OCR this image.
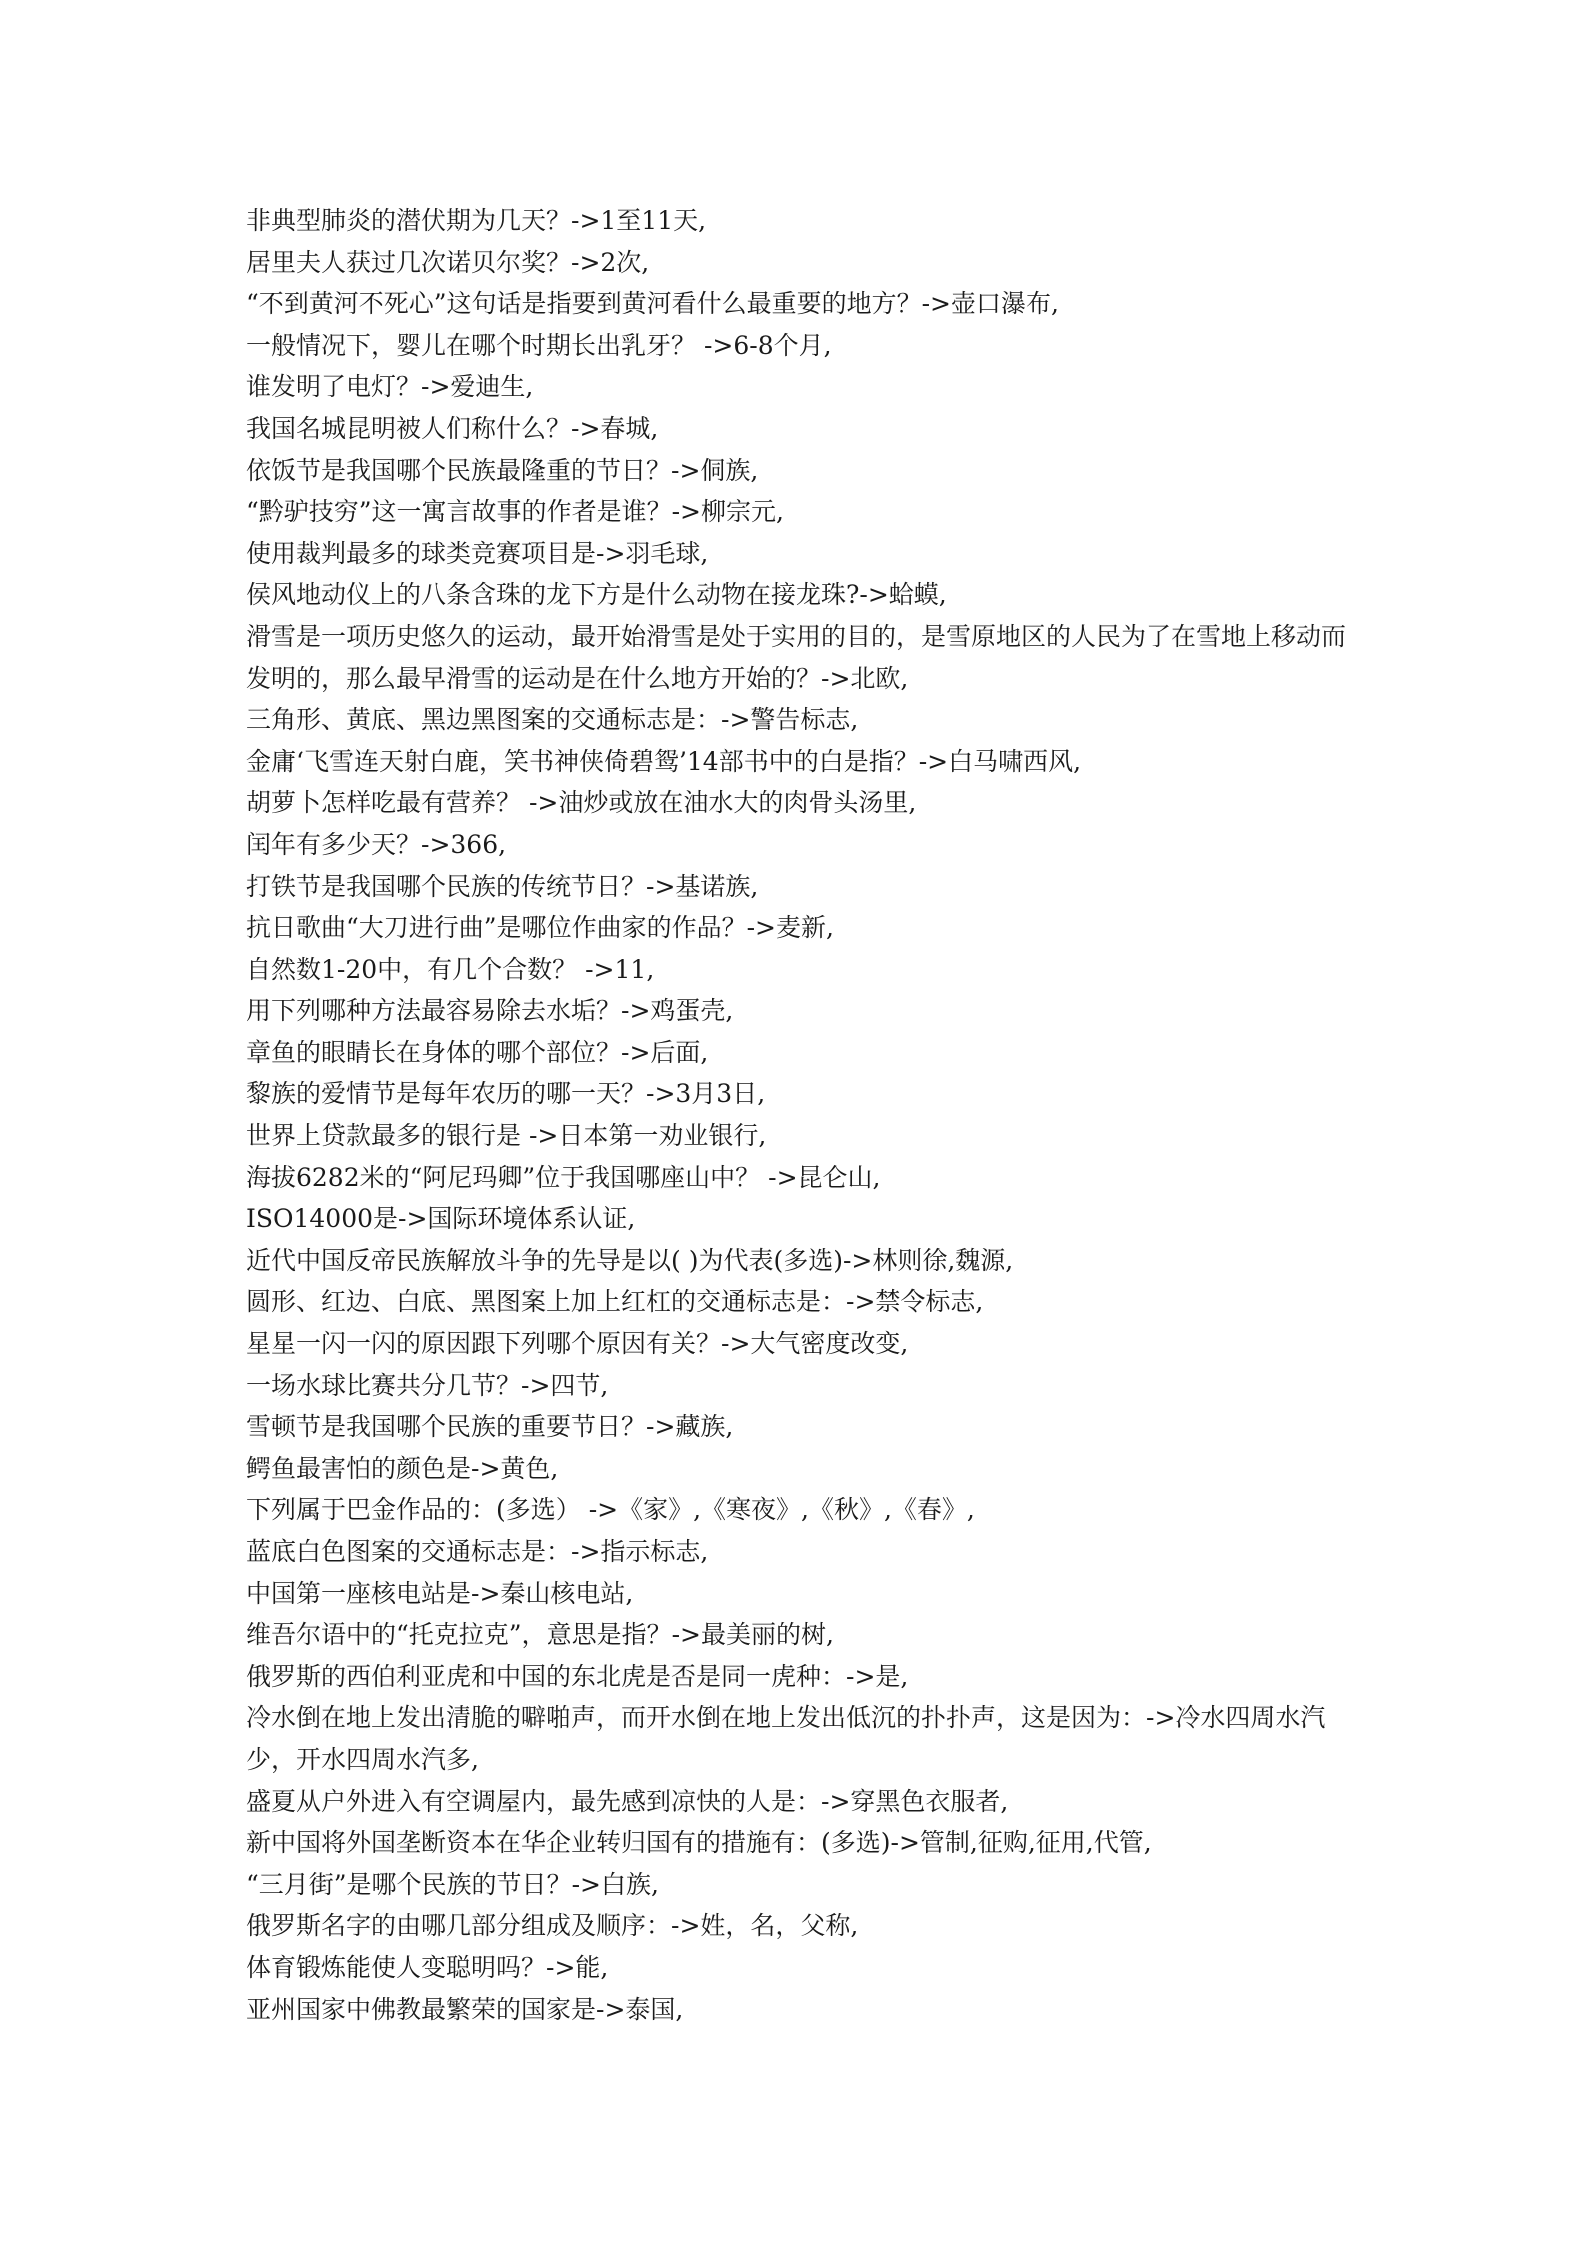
非典型肺炎的潜伏期为几天？->1至11天,
居里夫人获过几次诺贝尔奖？->2次,
“不到黄河不死心”这句话是指要到黄河看什么最重要的地方？->壶口瀑布,
一般情况下，婴儿在哪个时期长出乳牙？ ->6-8个月,
谁发明了电灯？->爱迪生,
我国名城昆明被人们称什么？->春城,
依饭节是我国哪个民族最隆重的节日？->侗族,
“黔驴技穷”这一寓言故事的作者是谁？->柳宗元,
使用裁判最多的球类竞赛项目是->羽毛球,
侯风地动仪上的八条含珠的龙下方是什么动物在接龙珠?->蛤蟆,
滑雪是一项历史悠久的运动，最开始滑雪是处于实用的目的，是雪原地区的人民为了在雪地上移动而发明的，那么最早滑雪的运动是在什么地方开始的？->北欧,
三角形、黄底、黑边黑图案的交通标志是：->警告标志,
金庸‘飞雪连天射白鹿，笑书神侠倚碧鸳’14部书中的白是指？->白马啸西风,
胡萝卜怎样吃最有营养？ ->油炒或放在油水大的肉骨头汤里,
闰年有多少天？->366,
打铁节是我国哪个民族的传统节日？->基诺族,
抗日歌曲“大刀进行曲”是哪位作曲家的作品？->麦新,
自然数1-20中，有几个合数？ ->11,
用下列哪种方法最容易除去水垢？->鸡蛋壳,
章鱼的眼睛长在身体的哪个部位？->后面,
黎族的爱情节是每年农历的哪一天？->3月3日,
世界上贷款最多的银行是 ->日本第一劝业银行,
海拔6282米的“阿尼玛卿”位于我国哪座山中？ ->昆仑山,
ISO14000是->国际环境体系认证,
近代中国反帝民族解放斗争的先导是以( )为代表(多选)->林则徐,魏源,
圆形、红边、白底、黑图案上加上红杠的交通标志是：->禁令标志,
星星一闪一闪的原因跟下列哪个原因有关？->大气密度改变,
一场水球比赛共分几节？->四节,
雪顿节是我国哪个民族的重要节日？->藏族,
鳄鱼最害怕的颜色是->黄色,
下列属于巴金作品的：(多选） ->《家》,《寒夜》,《秋》,《春》,
蓝底白色图案的交通标志是：->指示标志,
中国第一座核电站是->秦山核电站,
维吾尔语中的“托克拉克”，意思是指？->最美丽的树,
俄罗斯的西伯利亚虎和中国的东北虎是否是同一虎种：->是,
冷水倒在地上发出清脆的噼啪声，而开水倒在地上发出低沉的扑扑声，这是因为：->冷水四周水汽少，开水四周水汽多,
盛夏从户外进入有空调屋内，最先感到凉快的人是：->穿黑色衣服者,
新中国将外国垄断资本在华企业转归国有的措施有：(多选)->管制,征购,征用,代管,
“三月街”是哪个民族的节日？->白族,
俄罗斯名字的由哪几部分组成及顺序：->姓，名，父称,
体育锻炼能使人变聪明吗？->能,
亚州国家中佛教最繁荣的国家是->泰国,
